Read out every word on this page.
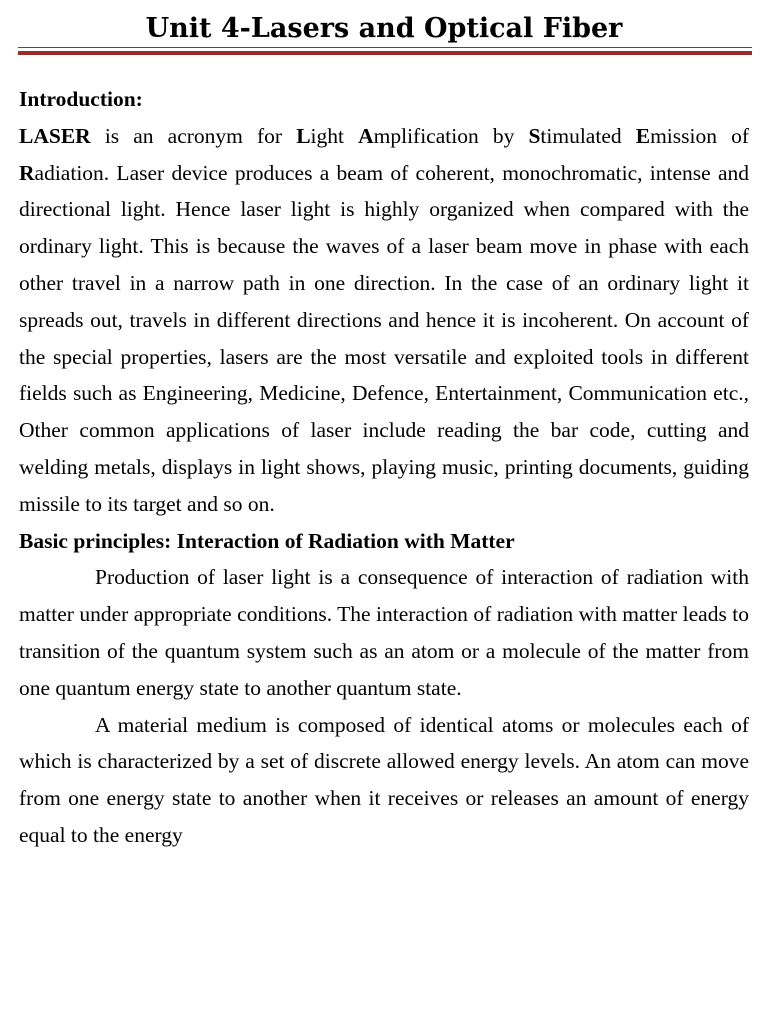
Unit 4-Lasers and Optical Fiber

Introduction:

LASER is an acronym for Light Amplification by Stimulated Emission of Radiation. Laser device produces a beam of coherent, monochromatic, intense and directional light. Hence laser light is highly organized when compared with the ordinary light. This is because the waves of a laser beam move in phase with each other travel in a narrow path in one direction. In the case of an ordinary light it spreads out, travels in different directions and hence it is incoherent. On account of the special properties, lasers are the most versatile and exploited tools in different fields such as Engineering, Medicine, Defence, Entertainment, Communication etc., Other common applications of laser include reading the bar code, cutting and welding metals, displays in light shows, playing music, printing documents, guiding missile to its target and so on.

Basic principles: Interaction of Radiation with Matter

Production of laser light is a consequence of interaction of radiation with matter under appropriate conditions. The interaction of radiation with matter leads to transition of the quantum system such as an atom or a molecule of the matter from one quantum energy state to another quantum state.

A material medium is composed of identical atoms or molecules each of which is characterized by a set of discrete allowed energy levels. An atom can move from one energy state to another when it receives or releases an amount of energy equal to the energy
